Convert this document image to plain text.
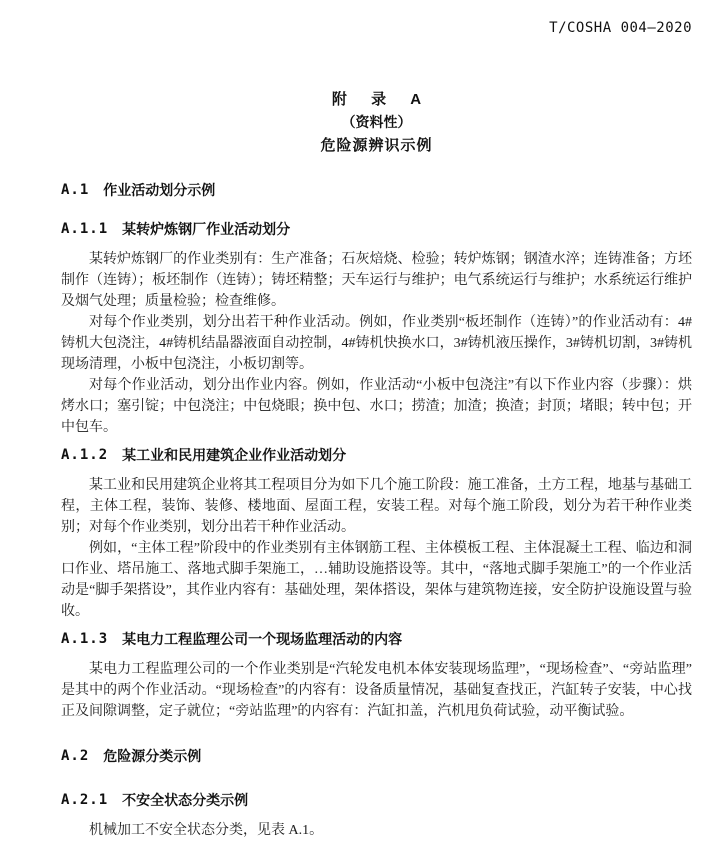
T/COSHA 004—2020
附 录 A
（资料性）
危险源辨识示例
A.1 作业活动划分示例
A.1.1 某转炉炼钢厂作业活动划分

某转炉炼钢厂的作业类别有：生产准备；石灰焙烧、检验；转炉炼钢；钢渣水淬；连铸准备；方坯制作（连铸）；板坯制作（连铸）；铸坯精整；天车运行与维护；电气系统运行与维护；水系统运行维护及烟气处理；质量检验；检查维修。

对每个作业类别，划分出若干种作业活动。例如，作业类别“板坯制作（连铸）”的作业活动有：4#铸机大包浇注，4#铸机结晶器液面自动控制，4#铸机快换水口，3#铸机液压操作，3#铸机切割，3#铸机现场清理，小板中包浇注，小板切割等。

对每个作业活动，划分出作业内容。例如，作业活动“小板中包浇注”有以下作业内容（步骤）：烘烤水口；塞引锭；中包浇注；中包烧眼；换中包、水口；捞渣；加渣；换渣；封顶；堵眼；转中包；开中包车。

A.1.2 某工业和民用建筑企业作业活动划分

某工业和民用建筑企业将其工程项目分为如下几个施工阶段：施工准备，土方工程，地基与基础工程，主体工程，装饰、装修、楼地面、屋面工程，安装工程。对每个施工阶段，划分为若干种作业类别；对每个作业类别，划分出若干种作业活动。

例如，“主体工程”阶段中的作业类别有主体钢筋工程、主体模板工程、主体混凝土工程、临边和洞口作业、塔吊施工、落地式脚手架施工，…辅助设施搭设等。其中，“落地式脚手架施工”的一个作业活动是“脚手架搭设”，其作业内容有：基础处理，架体搭设，架体与建筑物连接，安全防护设施设置与验收。

A.1.3 某电力工程监理公司一个现场监理活动的内容

某电力工程监理公司的一个作业类别是“汽轮发电机本体安装现场监理”，“现场检查”、“旁站监理”是其中的两个作业活动。“现场检查”的内容有：设备质量情况，基础复查找正，汽缸转子安装，中心找正及间隙调整，定子就位；“旁站监理”的内容有：汽缸扣盖，汽机甩负荷试验，动平衡试验。

A.2 危险源分类示例
A.2.1 不安全状态分类示例

机械加工不安全状态分类，见表 A.1。
